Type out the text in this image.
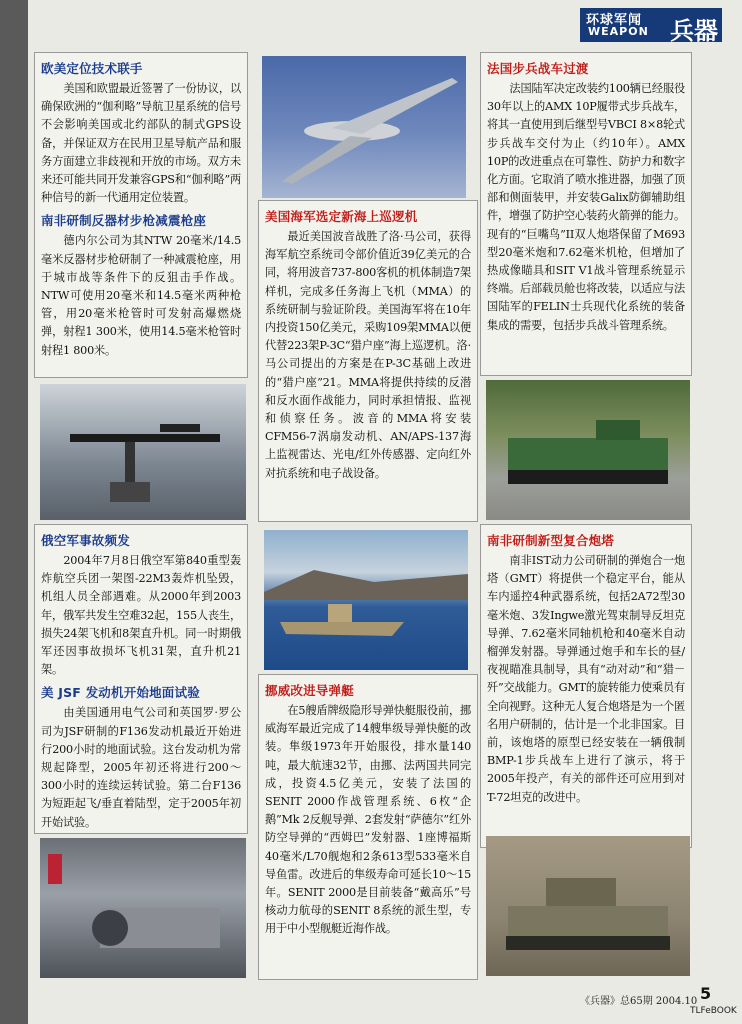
环球军闻
WEAPON 兵器
欧美定位技术联手

美国和欧盟最近签署了一份协议，以确保欧洲的“伽利略”导航卫星系统的信号不会影响美国或北约部队的制式GPS设备，并保证双方在民用卫星导航产品和服务方面建立非歧视和开放的市场。双方未来还可能共同开发兼容GPS和“伽利略”两种信号的新一代通用定位装置。

南非研制反器材步枪减震枪座

德内尔公司为其NTW 20毫米/14.5毫米反器材步枪研制了一种减震枪座，用于城市战等条件下的反狙击手作战。NTW可使用20毫米和14.5毫米两种枪管，用20毫米枪管时可发射高爆燃烧弹，射程1 300米，使用14.5毫米枪管时射程1 800米。

俄空军事故频发

2004年7月8日俄空军第840重型轰炸航空兵团一架图-22M3轰炸机坠毁，机组人员全部遇难。从2000年到2003年，俄军共发生空难32起，155人丧生，损失24架飞机和8架直升机。同一时期俄军还因事故损坏飞机31架，直升机21架。

美 JSF 发动机开始地面试验

由美国通用电气公司和英国罗·罗公司为JSF研制的F136发动机最近开始进行200小时的地面试验。这台发动机为常规起降型，2005年初还将进行200～300小时的连续运转试验。第二台F136为短距起飞/垂直着陆型，定于2005年初开始试验。

美国海军选定新海上巡逻机

最近美国波音战胜了洛·马公司，获得海军航空系统司令部价值近39亿美元的合同，将用波音737-800客机的机体制造7架样机，完成多任务海上飞机（MMA）的系统研制与验证阶段。美国海军将在10年内投资150亿美元，采购109架MMA以便代替223架P-3C“猎户座”海上巡逻机。洛·马公司提出的方案是在P-3C基础上改进的“猎户座”21。MMA将提供持续的反潜和反水面作战能力，同时承担情报、监视和侦察任务。波音的MMA将安装CFM56-7涡扇发动机、AN/APS-137海上监视雷达、光电/红外传感器、定向红外对抗系统和电子战设备。

挪威改进导弹艇

在5艘盾牌级隐形导弹快艇服役前，挪威海军最近完成了14艘隼级导弹快艇的改装。隼级1973年开始服役，排水量140吨，最大航速32节，由挪、法两国共同完成，投资4.5亿美元，安装了法国的SENIT 2000作战管理系统、6枚“企鹅”Mk 2反舰导弹、2套发射“萨德尔”红外防空导弹的“西姆巴”发射器、1座博福斯40毫米/L70舰炮和2条613型533毫米自导鱼雷。改进后的隼级寿命可延长10～15年。SENIT 2000是目前装备“戴高乐”号核动力航母的SENIT 8系统的派生型，专用于中小型舰艇近海作战。

法国步兵战车过渡

法国陆军决定改装约100辆已经服役30年以上的AMX 10P履带式步兵战车，将其一直使用到后继型号VBCI 8×8轮式步兵战车交付为止（约10年）。AMX 10P的改进重点在可靠性、防护力和数字化方面。它取消了喷水推进器，加强了顶部和侧面装甲，并安装Galix防御辅助组件，增强了防护空心装药火箭弹的能力。现有的“巨嘴鸟”II双人炮塔保留了M693型20毫米炮和7.62毫米机枪，但增加了热成像瞄具和SIT V1战斗管理系统显示终端。后部载员舱也将改装，以适应与法国陆军的FELIN士兵现代化系统的装备集成的需要，包括步兵战斗管理系统。

南非研制新型复合炮塔

南非IST动力公司研制的弹炮合一炮塔（GMT）将提供一个稳定平台，能从车内遥控4种武器系统，包括2A72型30毫米炮、3发Ingwe激光驾束制导反坦克导弹、7.62毫米同轴机枪和40毫米自动榴弹发射器。导弹通过炮手和车长的昼/夜视瞄准具制导，具有“动对动”和“猎－歼”交战能力。GMT的旋转能力使乘员有全向视野。这种无人复合炮塔是为一个匿名用户研制的，估计是一个北非国家。目前，该炮塔的原型已经安装在一辆俄制BMP-1步兵战车上进行了演示，将于2005年投产，有关的部件还可应用到对T-72坦克的改进中。

《兵器》总65期 2004.10 5
TLFeBOOK
